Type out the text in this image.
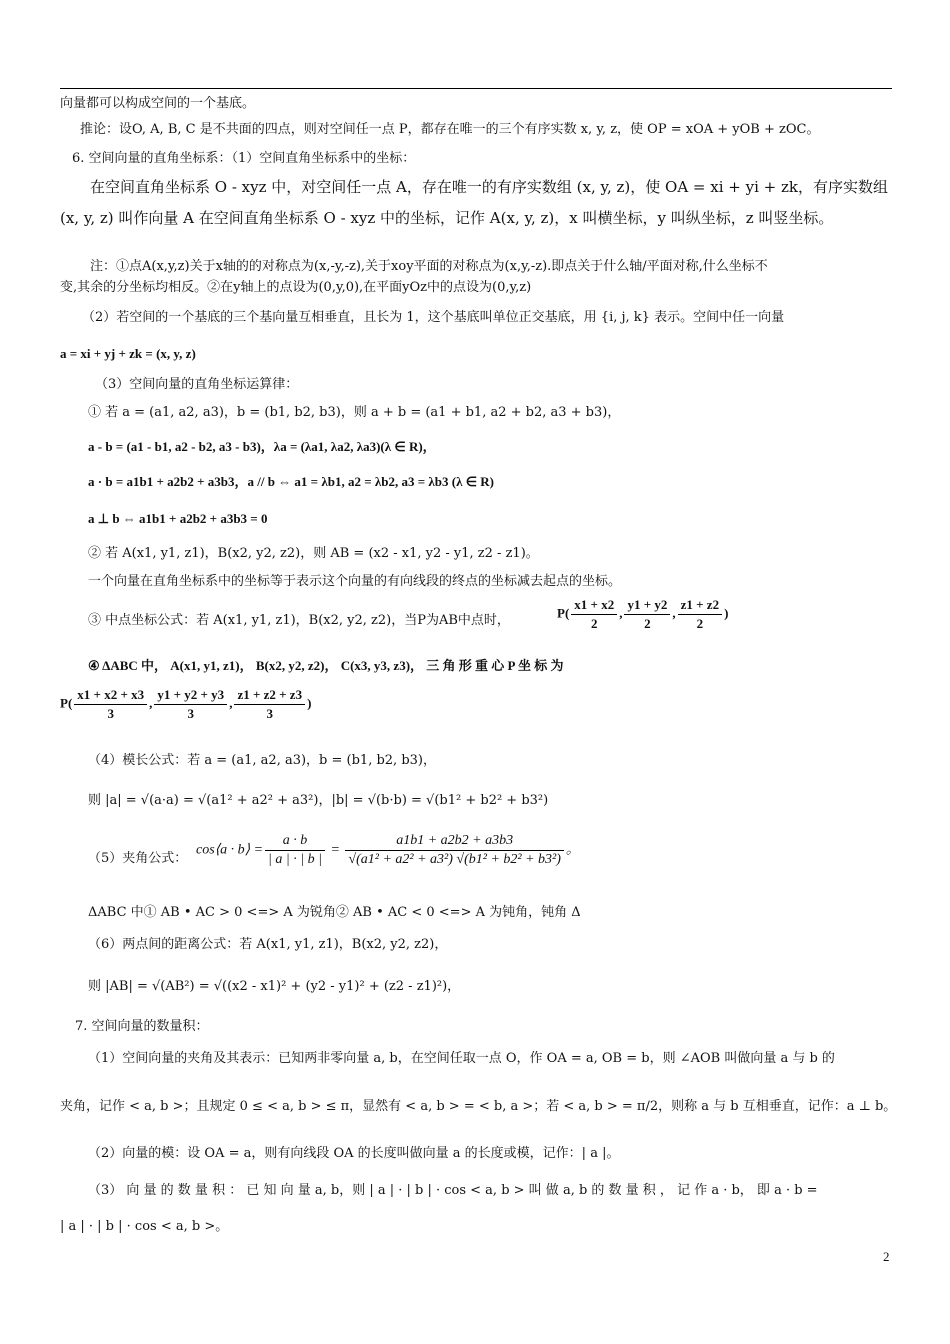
向量都可以构成空间的一个基底。
推论：设O, A, B, C 是不共面的四点，则对空间任一点 P，都存在唯一的三个有序实数 x, y, z，使 OP = xOA + yOB + zOC。
6. 空间向量的直角坐标系：（1）空间直角坐标系中的坐标：
在空间直角坐标系 O - xyz 中，对空间任一点 A，存在唯一的有序实数组 (x, y, z)，使 OA = xi + yi + zk，有序实数组
(x, y, z) 叫作向量 A 在空间直角坐标系 O - xyz 中的坐标，记作 A(x, y, z)，x 叫横坐标，y 叫纵坐标，z 叫竖坐标。
注：①点A(x,y,z)关于x轴的的对称点为(x,-y,-z),关于xoy平面的对称点为(x,y,-z).即点关于什么轴/平面对称,什么坐标不
变,其余的分坐标均相反。②在y轴上的点设为(0,y,0),在平面yOz中的点设为(0,y,z)
（2）若空间的一个基底的三个基向量互相垂直，且长为 1，这个基底叫单位正交基底，用 {i, j, k} 表示。空间中任一向量
a = xi + yj + zk = (x, y, z)
（3）空间向量的直角坐标运算律：
① 若 a = (a1, a2, a3)，b = (b1, b2, b3)，则 a + b = (a1 + b1, a2 + b2, a3 + b3)，
a - b = (a1 - b1, a2 - b2, a3 - b3)，λa = (λa1, λa2, λa3)(λ ∈ R)，
a · b = a1b1 + a2b2 + a3b3，a // b ⇔ a1 = λb1, a2 = λb2, a3 = λb3 (λ ∈ R)
a ⊥ b ⇔ a1b1 + a2b2 + a3b3 = 0
② 若 A(x1, y1, z1)，B(x2, y2, z2)，则 AB = (x2 - x1, y2 - y1, z2 - z1)。
一个向量在直角坐标系中的坐标等于表示这个向量的有向线段的终点的坐标减去起点的坐标。
③ 中点坐标公式：若 A(x1, y1, z1)，B(x2, y2, z2)，当P为AB中点时，
$P( \frac{x1 + x2}{2}$ , $\frac{y1 + y2}{2}$ , $\frac{z1 + z2}{2}$ )
④ ΔABC 中， A(x1, y1, z1)， B(x2, y2, z2)， C(x3, y3, z3)， 三 角 形 重 心 P 坐 标 为
$P( \frac{x1 + x2 + x3}{3}$ , $\frac{y1 + y2 + y3}{3}$ , $\frac{z1 + z2 + z3}{3}$ )
（4）模长公式：若 a = (a1, a2, a3)，b = (b1, b2, b3)，
则 |a| = √(a·a) = √(a1² + a2² + a3²)，|b| = √(b·b) = √(b1² + b2² + b3²)
（5）夹角公式：
cos⟨a · b⟩ = $\frac{a \cdot b}{| a | \cdot | b |} = \frac{a1b1 + a2b2 + a3b3}{\text{√(a1² + a2² + a3²) √(b1² + b2² + b3²)}}$ 。
ΔABC 中① AB • AC > 0 <=> A 为锐角② AB • AC < 0 <=> A 为钝角，钝角 Δ
（6）两点间的距离公式：若 A(x1, y1, z1)，B(x2, y2, z2)，
则 |AB| = √(AB²) = √((x2 - x1)² + (y2 - y1)² + (z2 - z1)²)，
7. 空间向量的数量积：
（1）空间向量的夹角及其表示：已知两非零向量 a, b，在空间任取一点 O，作 OA = a, OB = b，则 ∠AOB 叫做向量 a 与 b 的
夹角，记作 < a, b >；且规定 0 ≤ < a, b > ≤ π，显然有 < a, b > = < b, a >；若 < a, b > = π/2，则称 a 与 b 互相垂直，记作：a ⊥ b。
（2）向量的模：设 OA = a，则有向线段 OA 的长度叫做向量 a 的长度或模，记作：| a |。
（3） 向 量 的 数 量 积 ： 已 知 向 量 a, b，则 | a | · | b | · cos < a, b > 叫 做 a, b 的 数 量 积 ， 记 作 a · b， 即 a · b =
| a | · | b | · cos < a, b >。
2
